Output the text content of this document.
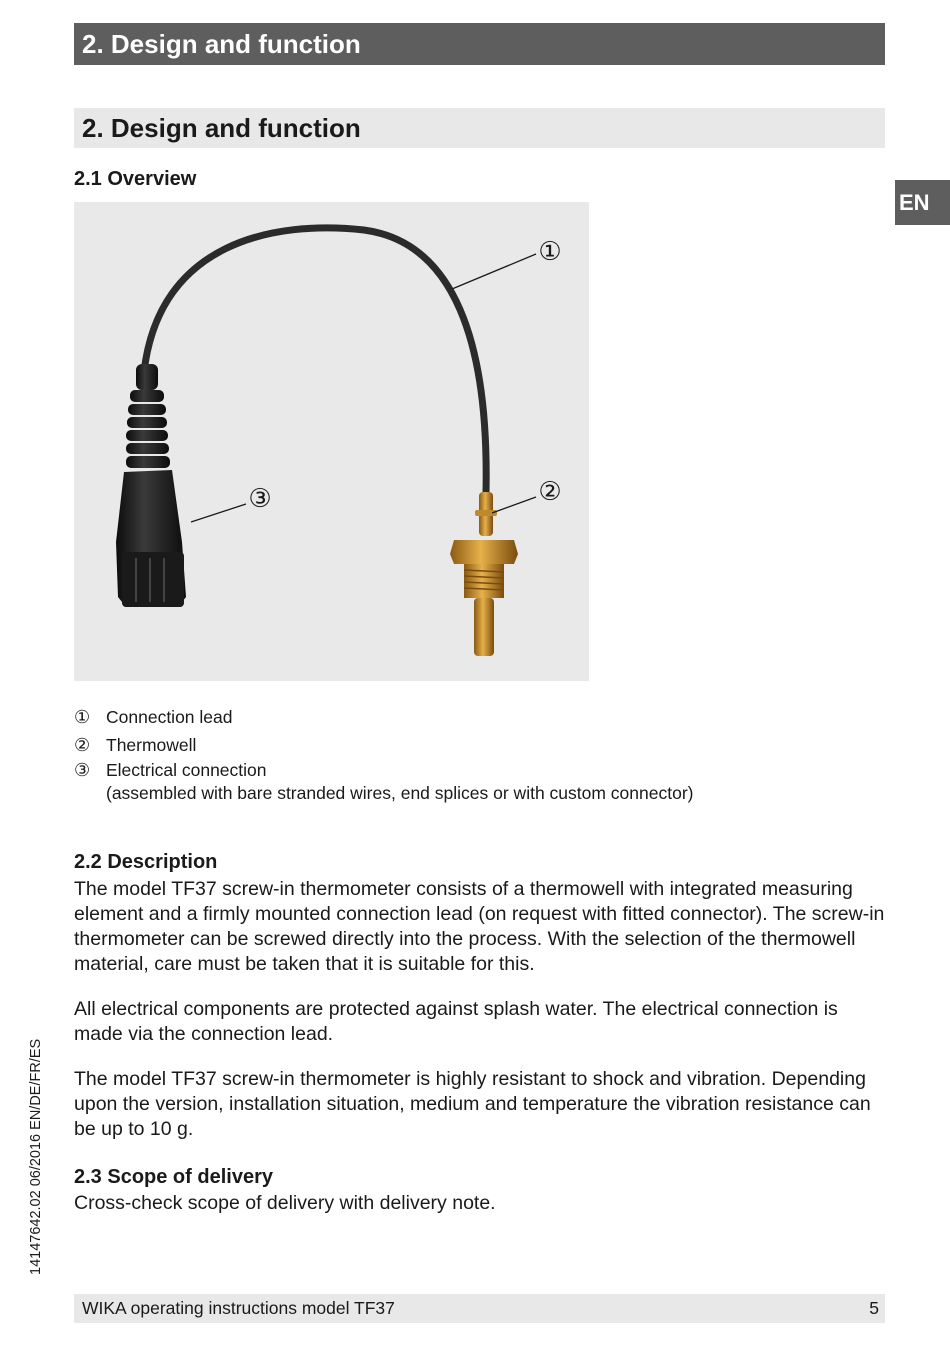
2. Design and function
2. Design and function
EN
14147642.02 06/2016 EN/DE/FR/ES
2.1 Overview
①
②
③
① Connection lead
② Thermowell
③ Electrical connection
(assembled with bare stranded wires, end splices or with custom connector)
2.2 Description

The model TF37 screw-in thermometer consists of a thermowell with integrated measuring element and a firmly mounted connection lead (on request with fitted connector). The screw-in thermometer can be screwed directly into the process. With the selection of the thermowell material, care must be taken that it is suitable for this.

All electrical components are protected against splash water. The electrical connection is made via the connection lead.

The model TF37 screw-in thermometer is highly resistant to shock and vibration. Depending upon the version, installation situation, medium and temperature the vibration resistance can be up to 10 g.

2.3 Scope of delivery

Cross-check scope of delivery with delivery note.

WIKA operating instructions model TF37	5
